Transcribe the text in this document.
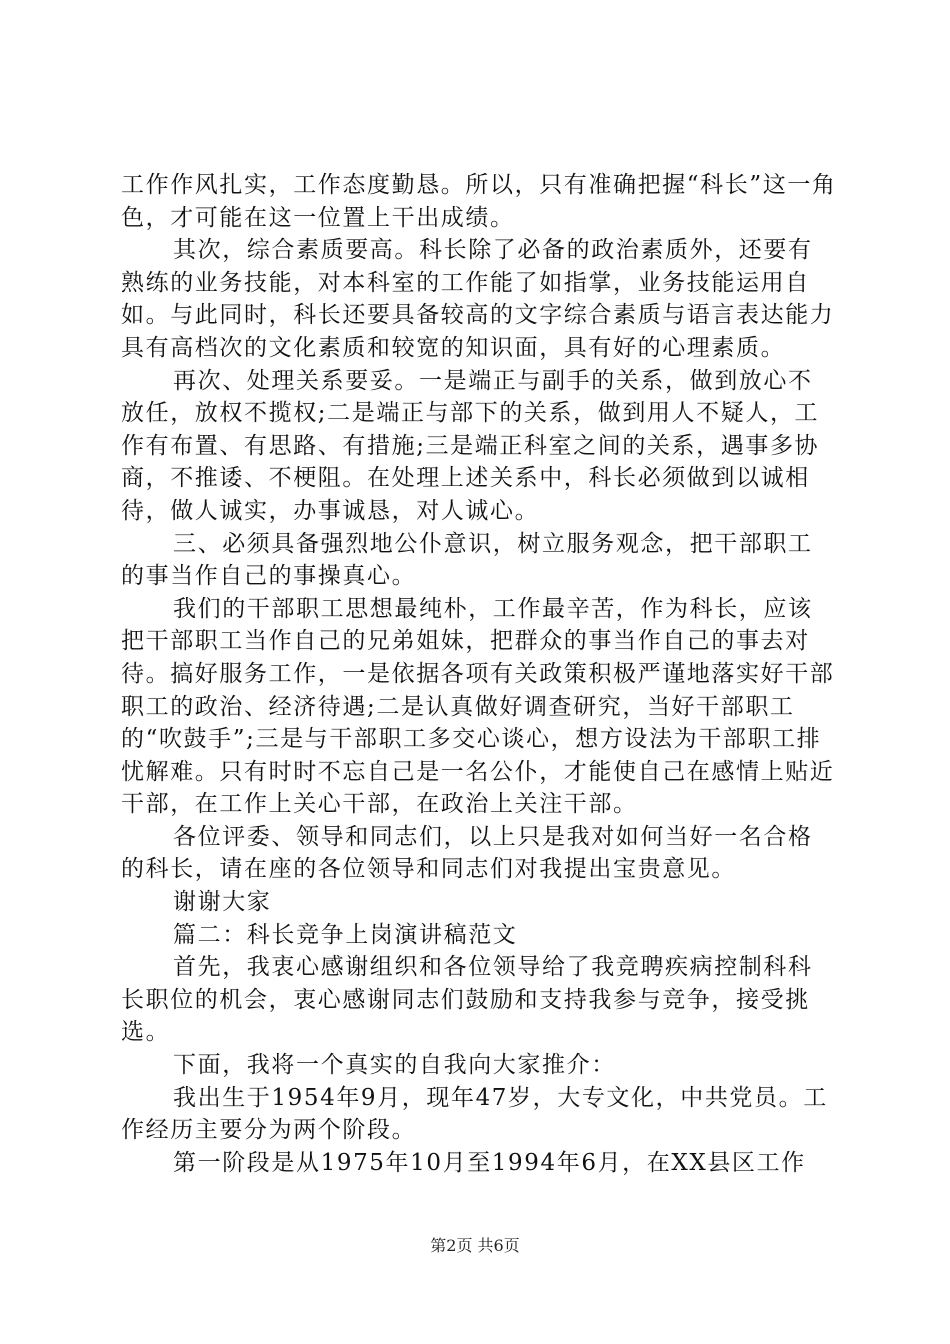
工作作风扎实，工作态度勤恳。所以，只有准确把握“科长”这一角色，才可能在这一位置上干出成绩。

其次，综合素质要高。科长除了必备的政治素质外，还要有熟练的业务技能，对本科室的工作能了如指掌，业务技能运用自如。与此同时，科长还要具备较高的文字综合素质与语言表达能力具有高档次的文化素质和较宽的知识面，具有好的心理素质。

再次、处理关系要妥。一是端正与副手的关系，做到放心不放任，放权不揽权;二是端正与部下的关系，做到用人不疑人，工作有布置、有思路、有措施;三是端正科室之间的关系，遇事多协商，不推诿、不梗阻。在处理上述关系中，科长必须做到以诚相待，做人诚实，办事诚恳，对人诚心。

三、必须具备强烈地公仆意识，树立服务观念，把干部职工的事当作自己的事操真心。

我们的干部职工思想最纯朴，工作最辛苦，作为科长，应该把干部职工当作自己的兄弟姐妹，把群众的事当作自己的事去对待。搞好服务工作，一是依据各项有关政策积极严谨地落实好干部职工的政治、经济待遇;二是认真做好调查研究，当好干部职工的“吹鼓手”;三是与干部职工多交心谈心，想方设法为干部职工排忧解难。只有时时不忘自己是一名公仆，才能使自己在感情上贴近干部，在工作上关心干部，在政治上关注干部。

各位评委、领导和同志们，以上只是我对如何当好一名合格的科长，请在座的各位领导和同志们对我提出宝贵意见。

谢谢大家

篇二：科长竞争上岗演讲稿范文

首先，我衷心感谢组织和各位领导给了我竞聘疾病控制科科长职位的机会，衷心感谢同志们鼓励和支持我参与竞争，接受挑选。

下面，我将一个真实的自我向大家推介：

我出生于1954年9月，现年47岁，大专文化，中共党员。工作经历主要分为两个阶段。

第一阶段是从1975年10月至1994年6月，在XX县区工作

第2页 共6页
